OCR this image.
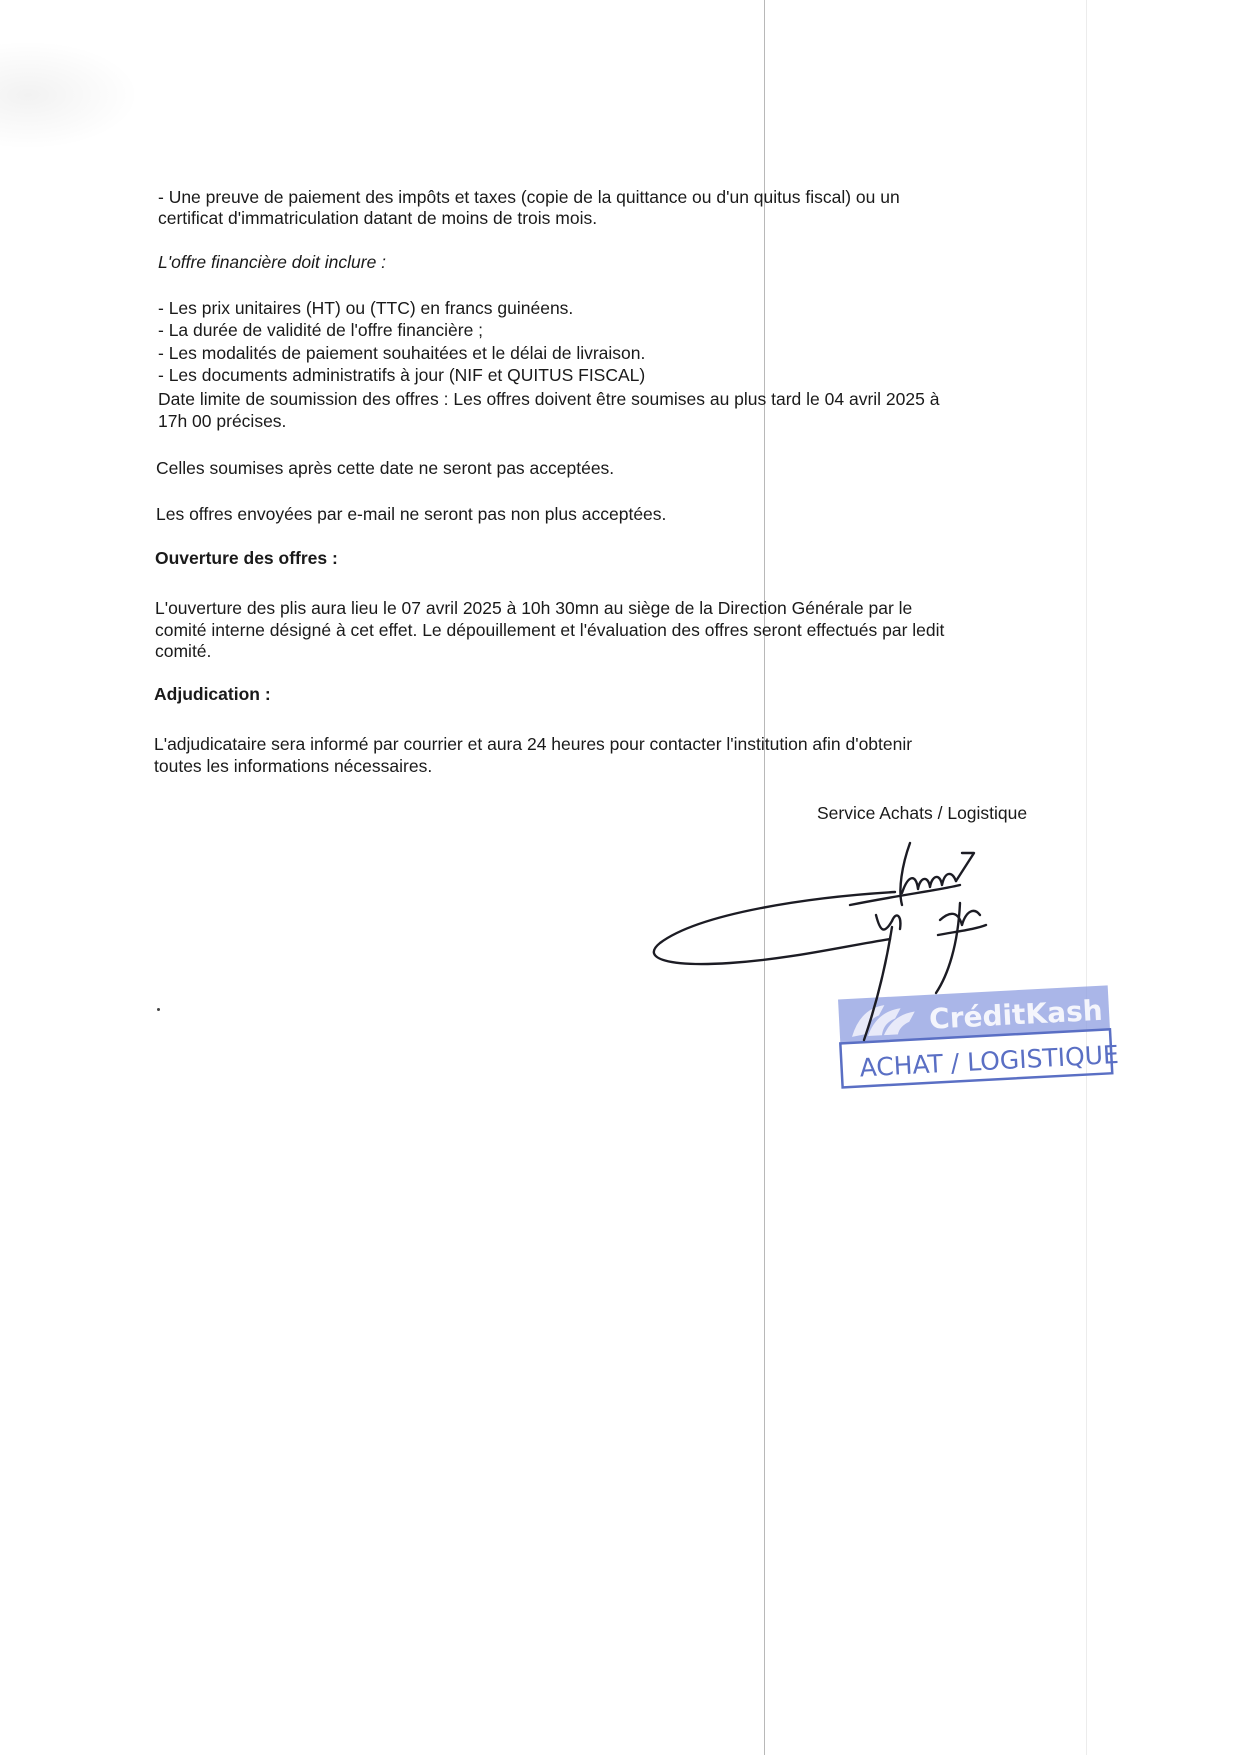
- Une preuve de paiement des impôts et taxes (copie de la quittance ou d'un quitus fiscal) ou un
certificat d'immatriculation datant de moins de trois mois.
L'offre financière doit inclure :
- Les prix unitaires (HT) ou (TTC) en francs guinéens.
- La durée de validité de l'offre financière ;
- Les modalités de paiement souhaitées et le délai de livraison.
- Les documents administratifs à jour (NIF et QUITUS FISCAL)
Date limite de soumission des offres : Les offres doivent être soumises au plus tard le 04 avril 2025 à
17h 00 précises.
Celles soumises après cette date ne seront pas acceptées.
Les offres envoyées par e-mail ne seront pas non plus acceptées.
Ouverture des offres :
L'ouverture des plis aura lieu le 07 avril 2025 à 10h 30mn au siège de la Direction Générale par le
comité interne désigné à cet effet. Le dépouillement et l'évaluation des offres seront effectués par ledit
comité.
Adjudication :
L'adjudicataire sera informé par courrier et aura 24 heures pour contacter l'institution afin d'obtenir
toutes les informations nécessaires.
Service Achats / Logistique
CréditKash
ACHAT / LOGISTIQUE
